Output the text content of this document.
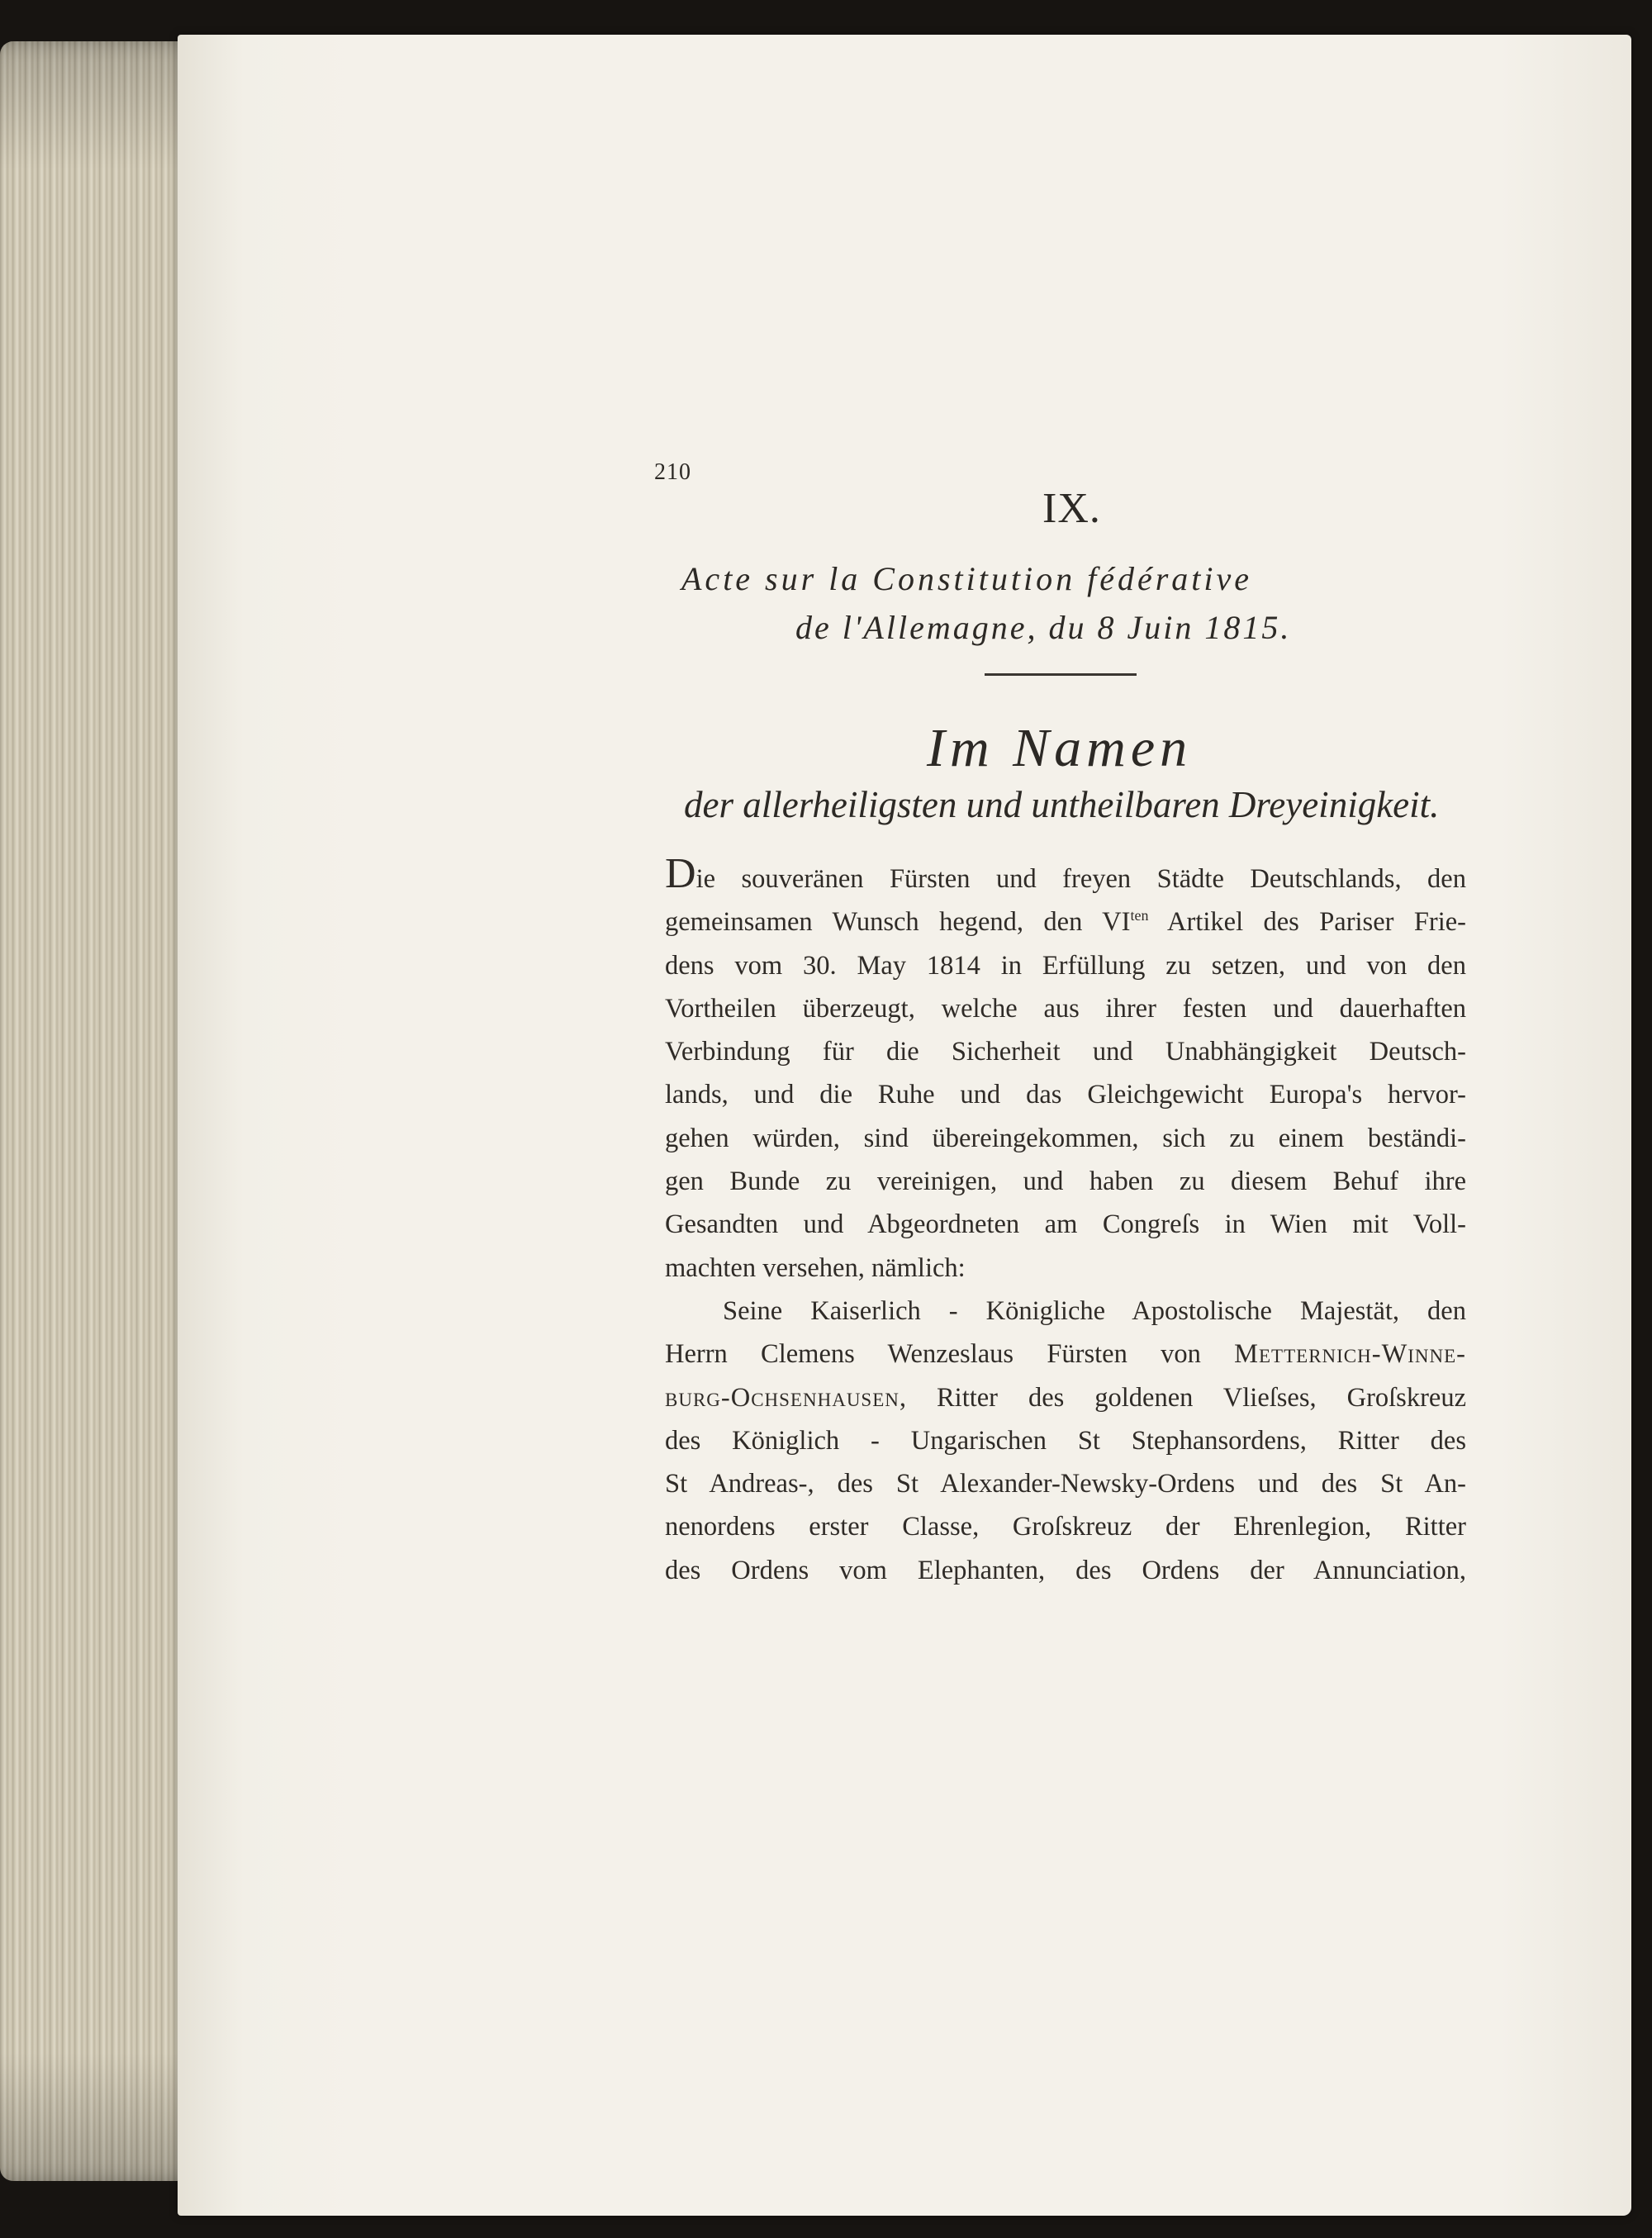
210
IX.
Acte sur la Constitution fédérative
de l'Allemagne, du 8 Juin 1815.
Im Namen
der allerheiligsten und untheilbaren Dreyeinigkeit.
Die souveränen Fürsten und freyen Städte Deutschlands, den
gemeinsamen Wunsch hegend, den $VI^{ten}$ Artikel des Pariser Frie-
dens vom 30. May 1814 in Erfüllung zu setzen, und von den
Vortheilen überzeugt, welche aus ihrer festen und dauerhaften
Verbindung für die Sicherheit und Unabhängigkeit Deutsch-
lands, und die Ruhe und das Gleichgewicht Europa's hervor-
gehen würden, sind übereingekommen, sich zu einem beständi-
gen Bunde zu vereinigen, und haben zu diesem Behuf ihre
Gesandten und Abgeordneten am Congreſs in Wien mit Voll-
machten versehen, nämlich:
Seine Kaiserlich - Königliche Apostolische Majestät, den
Herrn Clemens Wenzeslaus Fürsten von Metternich-Winne-
burg-Ochsenhausen, Ritter des goldenen Vlieſses, Groſskreuz
des Königlich - Ungarischen St Stephansordens, Ritter des
St Andreas-, des St Alexander-Newsky-Ordens und des St An-
nenordens erster Classe, Groſskreuz der Ehrenlegion, Ritter
des Ordens vom Elephanten, des Ordens der Annunciation,
